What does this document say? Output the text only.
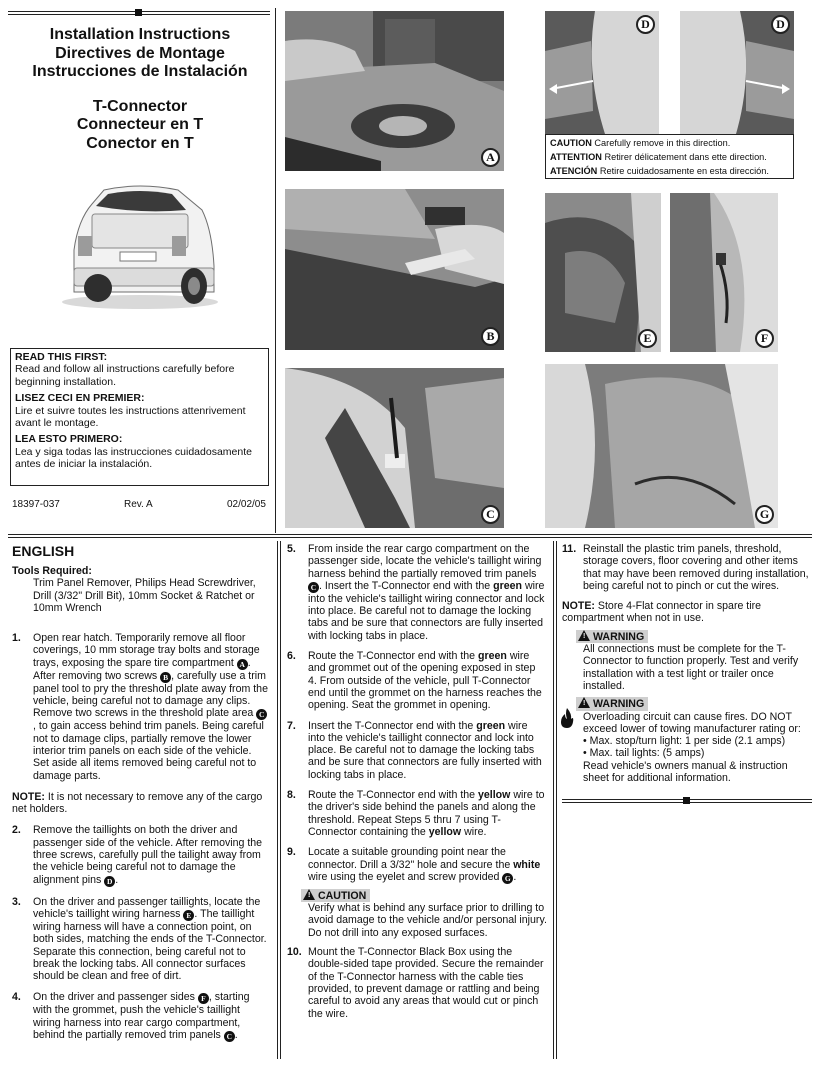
Installation Instructions
Directives de Montage
Instrucciones de Instalación
T-Connector
Connecteur en T
Conector en T
READ THIS FIRST:
Read and follow all instructions carefully before beginning installation.
LISEZ CECI EN PREMIER:
Lire et suivre toutes les instructions attenrivement avant le montage.
LEA ESTO PRIMERO:
Lea y siga todas las instrucciones cuidadosamente antes de iniciar la instalación.
18397-037	Rev. A	02/02/05
A
B
C
D	D
CAUTION Carefully remove in this direction.
ATTENTION Retirer délicatement dans ette direction.
ATENCIÓN Retire cuidadosamente en esta dirección.
E	F
G
ENGLISH
Tools Required:
Trim Panel Remover, Philips Head Screwdriver, Drill (3/32" Drill Bit), 10mm Socket & Ratchet or 10mm Wrench
1. Open rear hatch. Temporarily remove all floor coverings, 10 mm storage tray bolts and storage trays, exposing the spare tire compartment A . After removing two screws B , carefully use a trim panel tool to pry the threshold plate away from the vehicle, being careful not to damage any clips. Remove two screws in the threshold plate area C, to gain access behind trim panels. Being careful not to damage clips, partially remove the lower interior trim panels on each side of the vehicle. Set aside all items removed being careful not to damage parts.
NOTE: It is not necessary to remove any of the cargo net holders.
2. Remove the taillights on both the driver and passenger side of the vehicle. After removing the three screws, carefully pull the tailight away from the vehicle being careful not to damage the alignment pins D .
3. On the driver and passenger taillights, locate the vehicle's taillight wiring harness E . The taillight wiring harness will have a connection point, on both sides, matching the ends of the T-Connector. Separate this connection, being careful not to break the locking tabs. All connector surfaces should be clean and free of dirt.
4. On the driver and passenger sides F , starting with the grommet, push the vehicle's taillight wiring harness into rear cargo compartment, behind the partially removed trim panels C .
5. From inside the rear cargo compartment on the passenger side, locate the vehicle's taillight wiring harness behind the partially removed trim panels C . Insert the T-Connector end with the green wire into the vehicle's taillight wiring connector and lock into place. Be careful not to damage the locking tabs and be sure that connectors are fully inserted with locking tabs in place.
6. Route the T-Connector end with the green wire and grommet out of the opening exposed in step 4. From outside of the vehicle, pull T-Connector end until the grommet on the harness reaches the opening. Seat the grommet in opening.
7. Insert the T-Connector end with the green wire into the vehicle's taillight connector and lock into place. Be careful not to damage the locking tabs and be sure that connectors are fully inserted with locking tabs in place.
8. Route the T-Connector end with the yellow wire to the driver's side behind the panels and along the threshold. Repeat Steps 5 thru 7 using T-Connector containing the yellow wire.
9. Locate a suitable grounding point near the connector. Drill a 3/32" hole and secure the white wire using the eyelet and screw provided G .
! CAUTION
Verify what is behind any surface prior to drilling to avoid damage to the vehicle and/or personal injury. Do not drill into any exposed surfaces.
10. Mount the T-Connector Black Box using the double-sided tape provided. Secure the remainder of the T-Connector harness with the cable ties provided, to prevent damage or rattling and being careful to avoid any areas that would cut or pinch the wire.
11. Reinstall the plastic trim panels, threshold, storage covers, floor covering and other items that may have been removed during installation, being careful not to pinch or cut the wires.
NOTE: Store 4-Flat connector in spare tire compartment when not in use.
! WARNING
All connections must be complete for the T-Connector to function properly. Test and verify installation with a test light or trailer once installed.
! WARNING
Overloading circuit can cause fires. DO NOT exceed lower of towing manufacturer rating or:
• Max. stop/turn light: 1 per side (2.1 amps)
• Max. tail lights: (5 amps)
Read vehicle's owners manual & instruction sheet for additional information.
